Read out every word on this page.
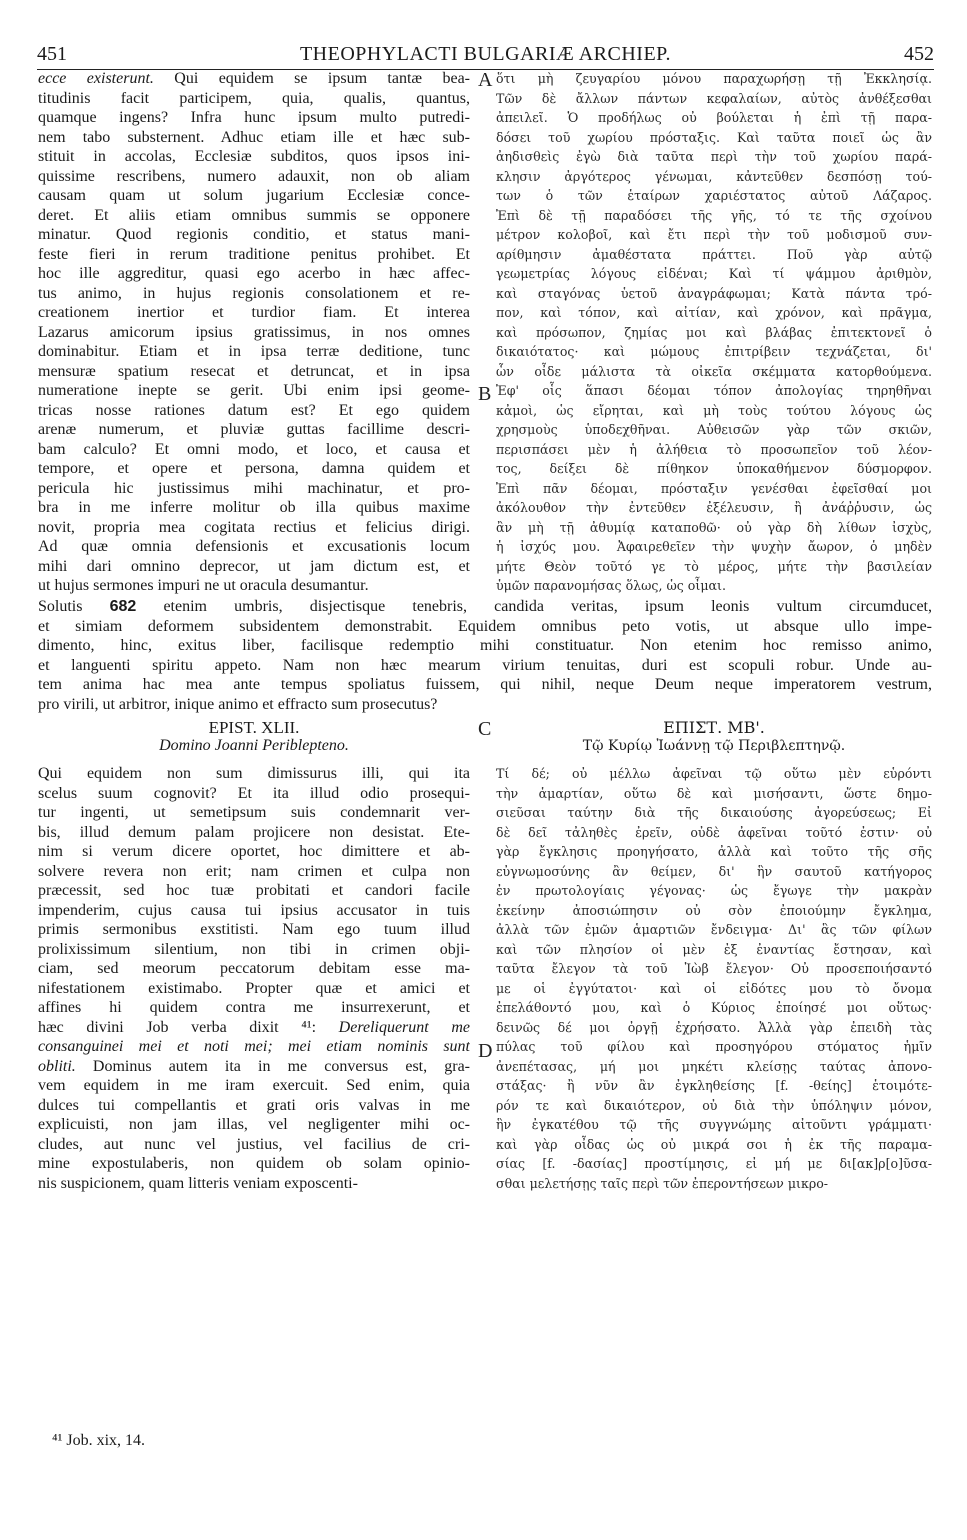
451	THEOPHYLACTI BULGARIÆ ARCHIEP.	452
ecce existerunt. Qui equidem se ipsum tantæ bea-
titudinis facit participem, quia, qualis, quantus,
quamque ingens? Infra hunc ipsum multo putredi-
nem tabo substernent. Adhuc etiam ille et hæc sub-
stituit in accolas, Ecclesiæ subditos, quos ipsos ini-
quissime rescribens, numero adauxit, non ob aliam
causam quam ut solum jugarium Ecclesiæ conce-
deret. Et aliis etiam omnibus summis se opponere
minatur. Quod regionis conditio, et status mani-
feste fieri in rerum traditione penitus prohibet. Et
hoc ille aggreditur, quasi ego acerbo in hæc affec-
tus animo, in hujus regionis consolationem et re-
creationem inertior et turdior fiam. Et interea
Lazarus amicorum ipsius gratissimus, in nos omnes
dominabitur. Etiam et in ipsa terræ deditione, tunc
mensuræ spatium resecat et detruncat, et in ipsa
numeratione inepte se gerit. Ubi enim ipsi geome-
tricas nosse rationes datum est? Et ego quidem
arenæ numerum, et pluviæ guttas facillime descri-
bam calculo? Et omni modo, et loco, et causa et
tempore, et opere et persona, damna quidem et
pericula hic justissimus mihi machinatur, et pro-
bra in me inferre molitur ob illa quibus maxime
novit, propria mea cogitata rectius et felicius dirigi.
Ad quæ omnia defensionis et excusationis locum
mihi dari omnino deprecor, ut jam dictum est, et
ut hujus sermones impuri ne ut oracula desumantur.
ὅτι μὴ ζευγαρίου μόνου παραχωρήσῃ τῇ Ἐκκλησίᾳ.
Τῶν δὲ ἄλλων πάντων κεφαλαίων, αὐτὸς ἀνθέξεσθαι
ἀπειλεῖ. Ὁ προδήλως οὐ βούλεται ἡ ἐπὶ τῇ παρα-
δόσει τοῦ χωρίου πρόσταξις. Καὶ ταῦτα ποιεῖ ὡς ἂν
ἀηδισθεὶς ἐγὼ διὰ ταῦτα περὶ τὴν τοῦ χωρίου παρά-
κλησιν ἀργότερος γένωμαι, κἀντεῦθεν δεσπόσῃ τού-
των ὁ τῶν ἑταίρων χαριέστατος αὐτοῦ Λάζαρος.
Ἐπὶ δὲ τῇ παραδόσει τῆς γῆς, τό τε τῆς σχοίνου
μέτρον κολοβοῖ, καὶ ἔτι περὶ τὴν τοῦ μοδισμοῦ συν-
αρίθμησιν ἀμαθέστατα πράττει. Ποῦ γὰρ αὐτῷ
γεωμετρίας λόγους εἰδέναι; Καὶ τί ψάμμου ἀριθμὸν,
καὶ σταγόνας ὑετοῦ ἀναγράφωμαι; Κατὰ πάντα τρό-
πον, καὶ τόπον, καὶ αἰτίαν, καὶ χρόνον, καὶ πρᾶγμα,
καὶ πρόσωπον, ζημίας μοι καὶ βλάβας ἐπιτεκτονεῖ ὁ
δικαιότατος· καὶ μώμους ἐπιτρίβειν τεχνάζεται, δι'
ὧν οἶδε μάλιστα τὰ οἰκεῖα σκέμματα κατορθούμενα.
Ἐφ' οἷς ἅπασι δέομαι τόπον ἀπολογίας τηρηθῆναι
κἀμοὶ, ὡς εἴρηται, καὶ μὴ τοὺς τούτου λόγους ὡς
χρησμοὺς ὑποδεχθῆναι. Αὐθεισῶν γὰρ τῶν σκιῶν,
περισπάσει μὲν ἡ ἀλήθεια τὸ προσωπεῖον τοῦ λέον-
τος, δείξει δὲ πίθηκον ὑποκαθήμενον δύσμορφον.
Ἐπὶ πᾶν δέομαι, πρόσταξιν γενέσθαι ἐφεῖσθαί μοι
ἀκόλουθον τὴν ἐντεῦθεν ἐξέλευσιν, ἢ ἀνάῤῥυσιν, ὡς
ἂν μὴ τῇ ἀθυμίᾳ καταποθῶ· οὐ γὰρ δὴ λίθων ἰσχὺς,
ἡ ἰσχύς μου. Ἀφαιρεθεῖεν τὴν ψυχὴν ἄωρον, ὁ μηδὲν
μήτε Θεὸν τοῦτό γε τὸ μέρος, μήτε τὴν βασιλείαν
ὑμῶν παρανομήσας ὅλως, ὡς οἶμαι.
A
B
Solutis 682 etenim umbris, disjectisque tenebris, candida veritas, ipsum leonis vultum circumducet,
et simiam deformem subsidentem demonstrabit. Equidem omnibus peto votis, ut absque ullo impe-
dimento, hinc, exitus liber, facilisque redemptio mihi constituatur. Non etenim hoc remisso animo,
et languenti spiritu appeto. Nam non hæc mearum virium tenuitas, duri est scopuli robur. Unde au-
tem anima hac mea ante tempus spoliatus fuissem, qui nihil, neque Deum neque imperatorem vestrum,
pro virili, ut arbitror, inique animo et effracto sum prosecutus?
EPIST. XLII.
Domino Joanni Periblepteno.
C	ΕΠΙΣΤ. ΜΒ'.
Τῷ Κυρίῳ Ἰωάννῃ τῷ Περιβλεπτηνῷ.
Qui equidem non sum dimissurus illi, qui ita
scelus suum cognovit? Et ita illud odio prosequi-
tur ingenti, ut semetipsum suis condemnarit ver-
bis, illud demum palam projicere non desistat. Ete-
nim si verum dicere oportet, hoc dimittere et ab-
solvere revera non erit; nam crimen et culpa non
præcessit, sed hoc tuæ probitati et candori facile
impenderim, cujus causa tui ipsius accusator in tuis
primis sermonibus exstitisti. Nam ego tuum illud
prolixissimum silentium, non tibi in crimen obji-
ciam, sed meorum peccatorum debitam esse ma-
nifestationem existimabo. Propter quæ et amici et
affines hi quidem contra me insurrexerunt, et
hæc divini Job verba dixit ⁴¹: Dereliquerunt me
consanguinei mei et noti mei; mei etiam nominis sunt
obliti. Dominus autem ita in me conversus est, gra-
vem equidem in me iram exercuit. Sed enim, quia
dulces tui compellantis et grati oris valvas in me
explicuisti, non jam illas, vel negligenter mihi oc-
cludes, aut nunc vel justius, vel facilius de cri-
mine expostulaberis, non quidem ob solam opinio-
nis suspicionem, quam litteris veniam exposcenti-
Τί δέ; οὐ μέλλω ἀφεῖναι τῷ οὕτω μὲν εὑρόντι
τὴν ἁμαρτίαν, οὕτω δὲ καὶ μισήσαντι, ὥστε δημο-
σιεῦσαι ταύτην διὰ τῆς δικαιούσης ἀγορεύσεως; Εἰ
δὲ δεῖ τἀληθὲς ἐρεῖν, οὐδὲ ἀφεῖναι τοῦτό ἐστιν· οὐ
γὰρ ἔγκλησις προηγήσατο, ἀλλὰ καὶ τοῦτο τῆς σῆς
εὐγνωμοσύνης ἂν θείμεν, δι' ἣν σαυτοῦ κατήγορος
ἐν πρωτολογίαις γέγονας· ὡς ἔγωγε τὴν μακρὰν
ἐκείνην ἀποσιώπησιν οὐ σὸν ἐποιούμην ἔγκλημα,
ἀλλὰ τῶν ἐμῶν ἁμαρτιῶν ἔνδειγμα· Δι' ἃς τῶν φίλων
καὶ τῶν πλησίον οἱ μὲν ἐξ ἐναντίας ἔστησαν, καὶ
ταῦτα ἔλεγον τὰ τοῦ Ἰὼβ ἔλεγον· Οὐ προσεποιήσαντό
με οἱ ἐγγύτατοι· καὶ οἱ εἰδότες μου τὸ ὄνομα
ἐπελάθοντό μου, καὶ ὁ Κύριος ἐποίησέ μοι οὕτως·
δεινῶς δέ μοι ὀργῇ ἐχρήσατο. Ἀλλὰ γὰρ ἐπειδὴ τὰς
πύλας τοῦ φίλου καὶ προσηγόρου στόματος ἡμῖν
ἀνεπέτασας, μή μοι μηκέτι κλείσῃς ταύτας ἀπονο-
στάξας· ἢ νῦν ἂν ἐγκληθείσης [f. -θείης] ἑτοιμότε-
ρόν τε καὶ δικαιότερον, οὐ διὰ τὴν ὑπόληψιν μόνον,
ἣν ἐγκατέθου τῷ τῆς συγγνώμης αἰτοῦντι γράμματι·
καὶ γὰρ οἶδας ὡς οὐ μικρά σοι ἡ ἐκ τῆς παραμα-
σίας [f. -δασίας] προστίμησις, εἰ μή με δι[ακ]ρ[ο]ῦσα-
σθαι μελετήσῃς ταῖς περὶ τῶν ἐπεροντήσεων μικρο-
D
⁴¹ Job. xix, 14.
